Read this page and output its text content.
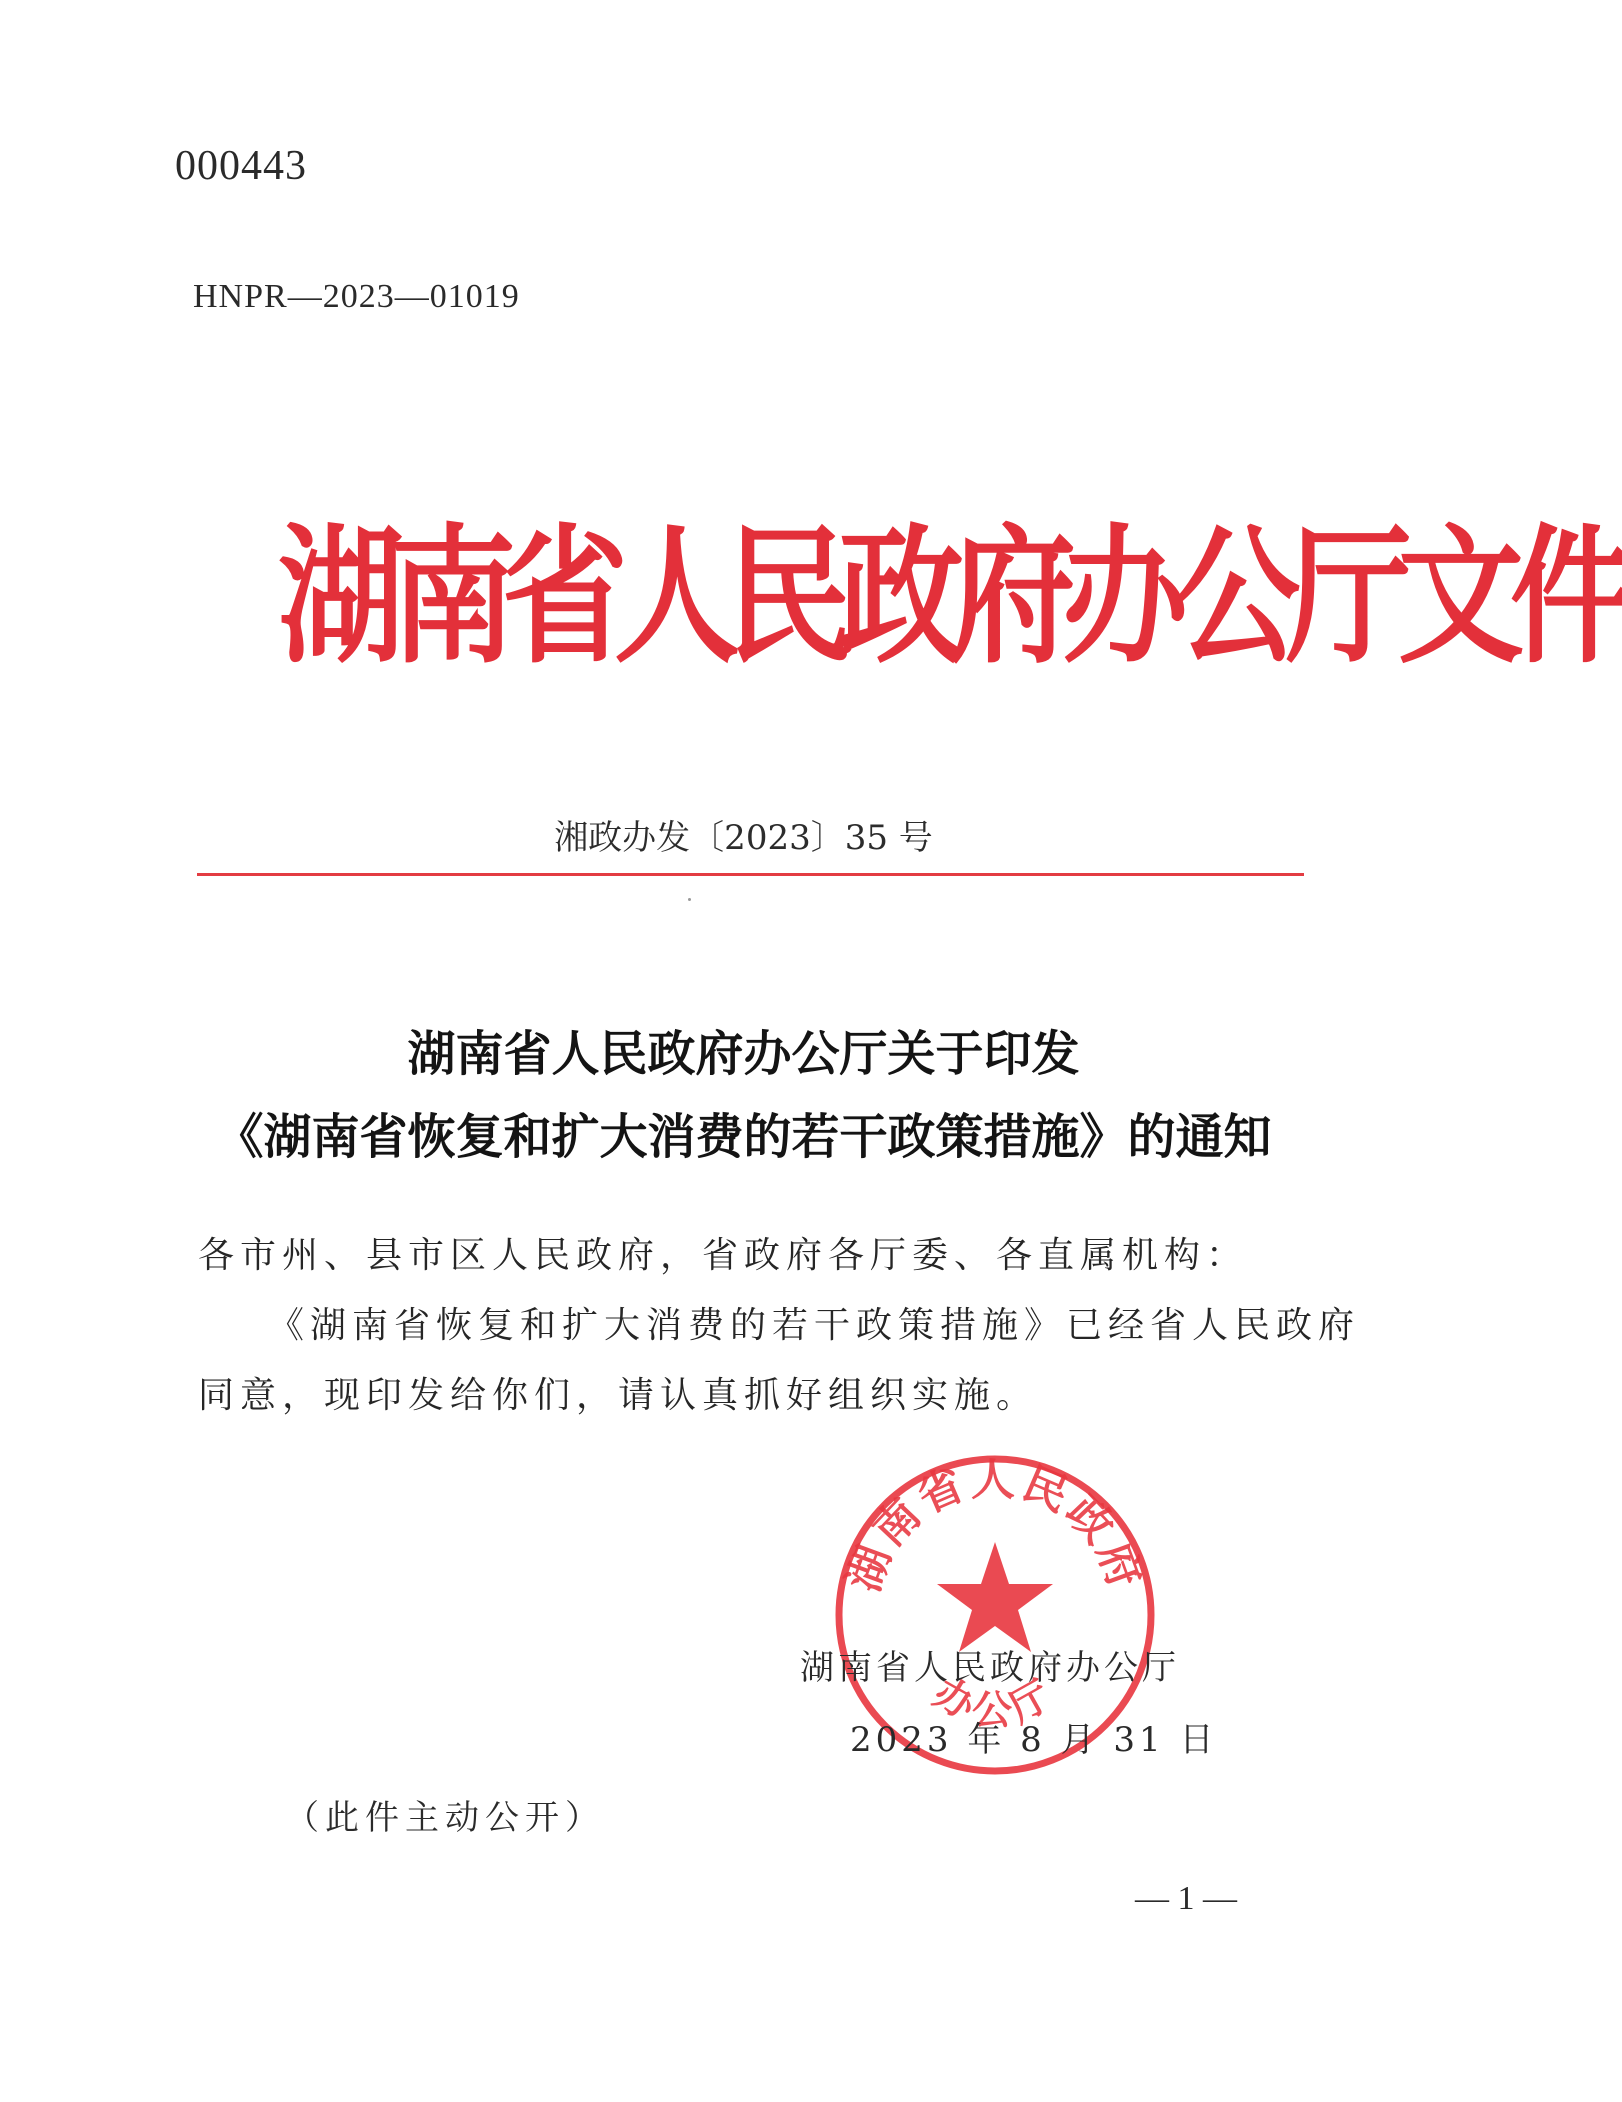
000443
HNPR—2023—01019
湖南省人民政府办公厅文件
湘政办发〔2023〕35 号
湖南省人民政府办公厅关于印发
《湖南省恢复和扩大消费的若干政策措施》的通知
各市州、县市区人民政府，省政府各厅委、各直属机构：
《湖南省恢复和扩大消费的若干政策措施》已经省人民政府
同意，现印发给你们，请认真抓好组织实施。
湖南省人民政府
办公厅
湖南省人民政府办公厅
2023 年 8 月 31 日
（此件主动公开）
— 1 —
